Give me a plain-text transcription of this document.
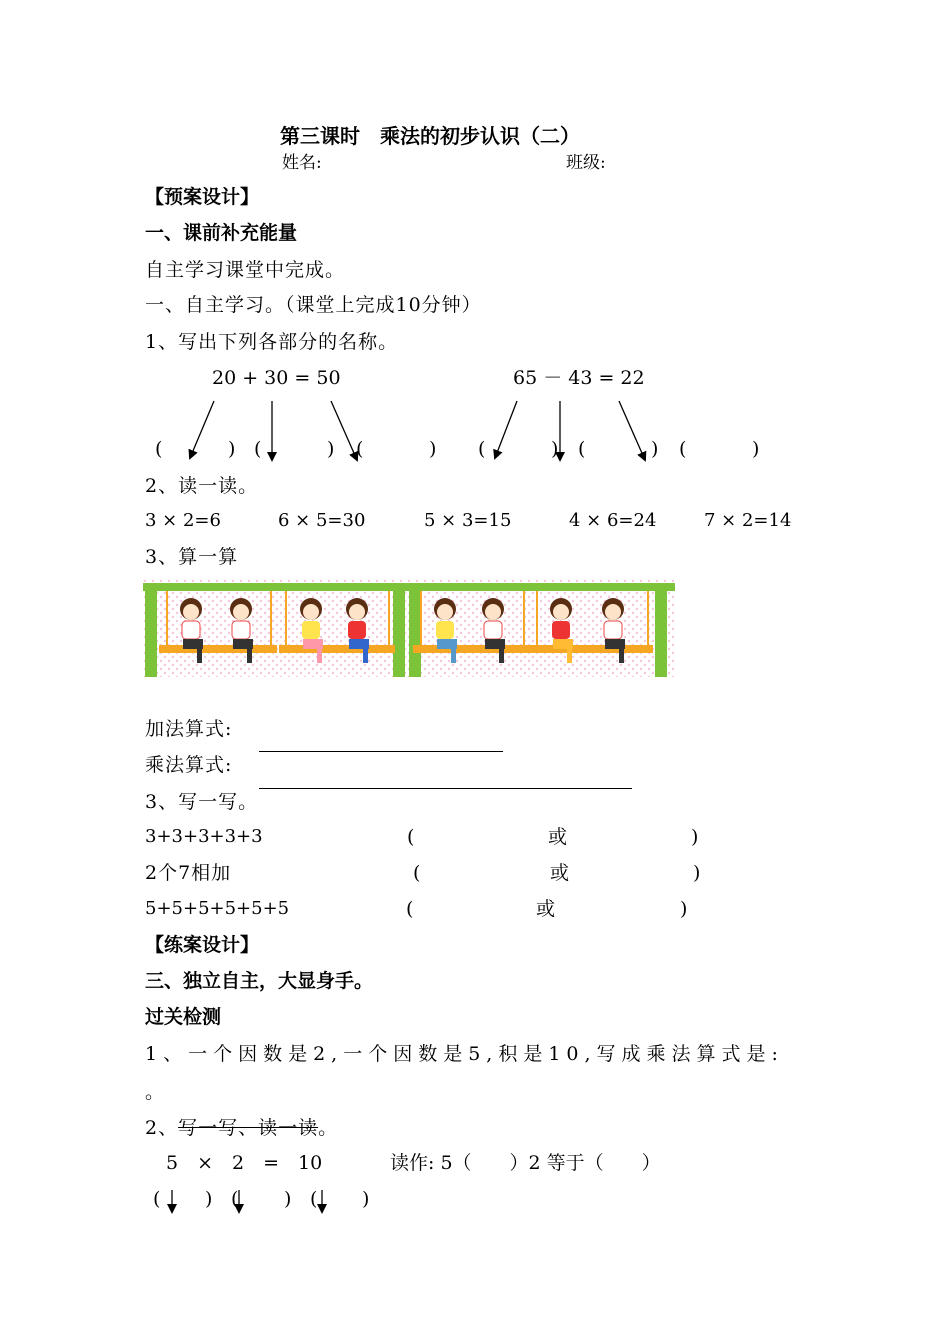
第三课时　乘法的初步认识（二）
姓名:	班级:
【预案设计】
一、课前补充能量
自主学习课堂中完成。
一、自主学习。（课堂上完成10分钟）
1、写出下列各部分的名称。
20 + 30 = 50	65 － 43 = 22
(	) (	) (	) (	) (	) (	)
2、读一读。
3 × 2=6	6 × 5=30	5 × 3=15	4 × 6=24	7 × 2=14
3、算一算
加法算式:
乘法算式:
3、写一写。
3+3+3+3+3	(	或	)
2个7相加	(	或	)
5+5+5+5+5+5	(	或	)
【练案设计】
三、独立自主，大显身手。
过关检测
1、一个因数是2,一个因数是5,积是10,写成乘法算式是:
。
2、写一写、读一读。
5　×　2　=　10	读作: 5（　　）2 等于（　　）
( ) ( ) ( )
